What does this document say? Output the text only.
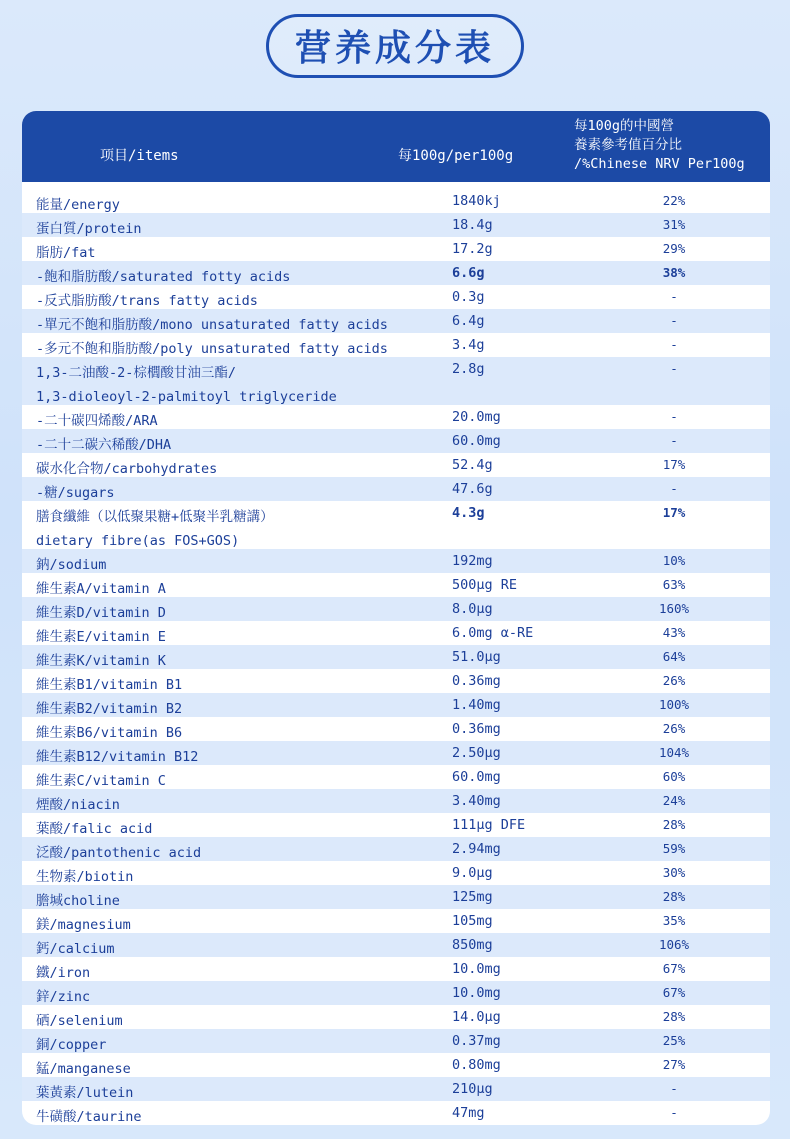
营养成分表
项目/items	每100g/per100g
每100g的中國營
養素參考值百分比
/%Chinese NRV Per100g
能量/energy	1840kj	22%
蛋白質/protein	18.4g	31%
脂肪/fat	17.2g	29%
-飽和脂肪酸/saturated fotty acids	6.6g	38%
-反式脂肪酸/trans fatty acids	0.3g	-
-單元不飽和脂肪酸/mono unsaturated fatty acids	6.4g	-
-多元不飽和脂肪酸/poly unsaturated fatty acids	3.4g	-
1,3-二油酸-2-棕櫚酸甘油三酯/
1,3-dioleoyl-2-palmitoyl triglyceride
2.8g	-
-二十碳四烯酸/ARA	20.0mg	-
-二十二碳六稀酸/DHA	60.0mg	-
碳水化合物/carbohydrates	52.4g	17%
-糖/sugars	47.6g	-
膳食纖維（以低聚果糖+低聚半乳糖講）
dietary fibre(as FOS+GOS)
4.3g	17%
鈉/sodium	192mg	10%
維生素A/vitamin A	500μg RE	63%
維生素D/vitamin D	8.0μg	160%
維生素E/vitamin E	6.0mg α-RE	43%
維生素K/vitamin K	51.0μg	64%
維生素B1/vitamin B1	0.36mg	26%
維生素B2/vitamin B2	1.40mg	100%
維生素B6/vitamin B6	0.36mg	26%
維生素B12/vitamin B12	2.50μg	104%
維生素C/vitamin C	60.0mg	60%
煙酸/niacin	3.40mg	24%
葉酸/falic acid	111μg DFE	28%
泛酸/pantothenic acid	2.94mg	59%
生物素/biotin	9.0μg	30%
膽堿choline	125mg	28%
鎂/magnesium	105mg	35%
鈣/calcium	850mg	106%
鐵/iron	10.0mg	67%
鋅/zinc	10.0mg	67%
硒/selenium	14.0μg	28%
銅/copper	0.37mg	25%
錳/manganese	0.80mg	27%
葉黃素/lutein	210μg	-
牛磺酸/taurine	47mg	-
